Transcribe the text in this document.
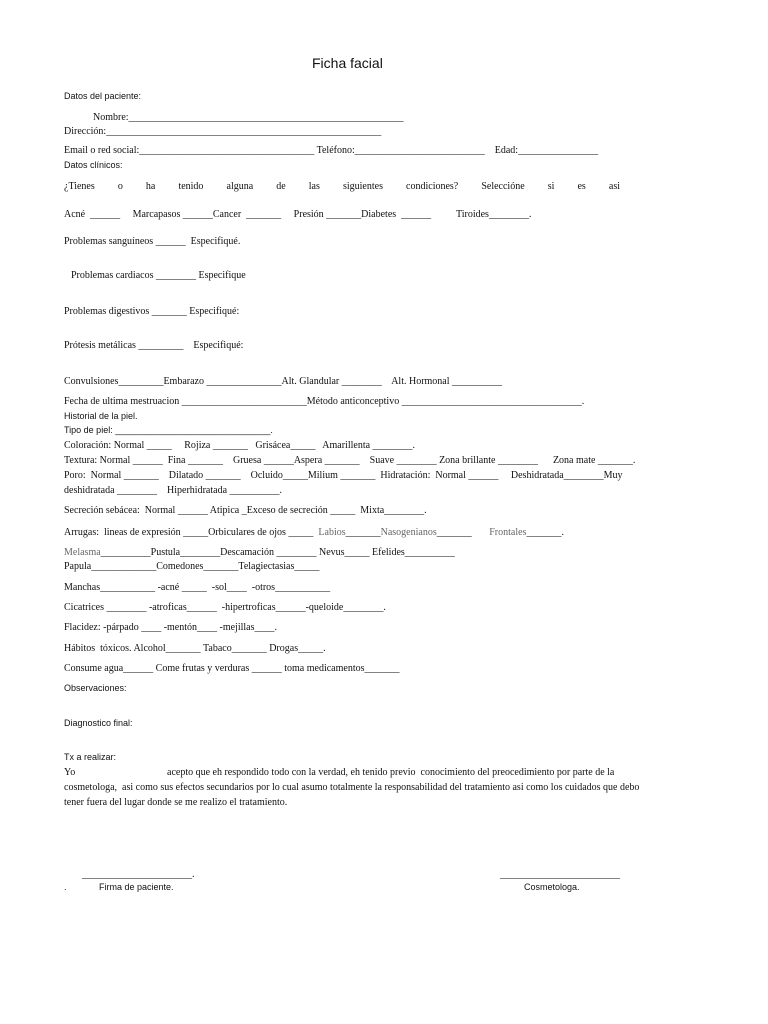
Ficha facial
Datos del paciente:
Nombre:_______________________________________________________
Dirección:_______________________________________________________
Email o red social:___________________________________ Teléfono:__________________________    Edad:________________
Datos clínicos:
¿Tienes o ha tenido alguna de las siguientes condiciones? Seleccióne si es asi
Acné  ______     Marcapasos ______Cancer  _______     Presión _______Diabetes  ______          Tiroides________.
Problemas sanguíneos ______  Especifiqué.
Problemas cardiacos ________ Especifique
Problemas digestivos _______ Especifiqué:
Prótesis metálicas _________    Especifiqué:
Convulsiones_________Embarazo _______________Alt. Glandular ________    Alt. Hormonal __________
Fecha de ultima mestruacion _________________________Método anticonceptivo ____________________________________.
Historial de la piel.
Tipo de piel: _______________________________.
Coloración: Normal _____     Rojiza _______   Grisácea_____   Amarillenta ________.
Textura: Normal ______  Fina _______    Gruesa ______Aspera _______    Suave ________ Zona brillante ________      Zona mate _______.
Poro:  Normal _______    Dilatado _______    Ocluido_____Milium _______  Hidratación:  Normal ______     Deshidratada________Muy
deshidratada ________    Hiperhidratada __________.
Secreción sebácea:  Normal ______ Atipica _Exceso de secreción _____  Mixta________.
Arrugas:  lineas de expresión _____Orbiculares de ojos _____  Labios_______Nasogenianos_______       Frontales_______.
Melasma__________Pustula________Descamación ________ Nevus_____ Efelides__________
Papula_____________Comedones_______Telagiectasias_____
Manchas___________ -acné _____  -sol____  -otros___________
Cicatrices ________ -atroficas______  -hipertroficas______-queloide________.
Flacidez: -párpado ____ -mentón____ -mejillas____.
Hábitos  tóxicos. Alcohol_______ Tabaco_______ Drogas_____.
Consume agua______ Come frutas y verduras ______ toma medicamentos_______
Observaciones:
Diagnostico final:
Tx a realizar:
Yo	acepto que eh respondido todo con la verdad, eh tenido previo  conocimiento del preocedimiento por parte de la
cosmetologa,  asi como sus efectos secundarios por lo cual asumo totalmente la responsabilidad del tratamiento asi como los cuidados que debo
tener fuera del lugar donde se me realizo el tratamiento.
______________________.	________________________
.	Firma de paciente.	Cosmetologa.
